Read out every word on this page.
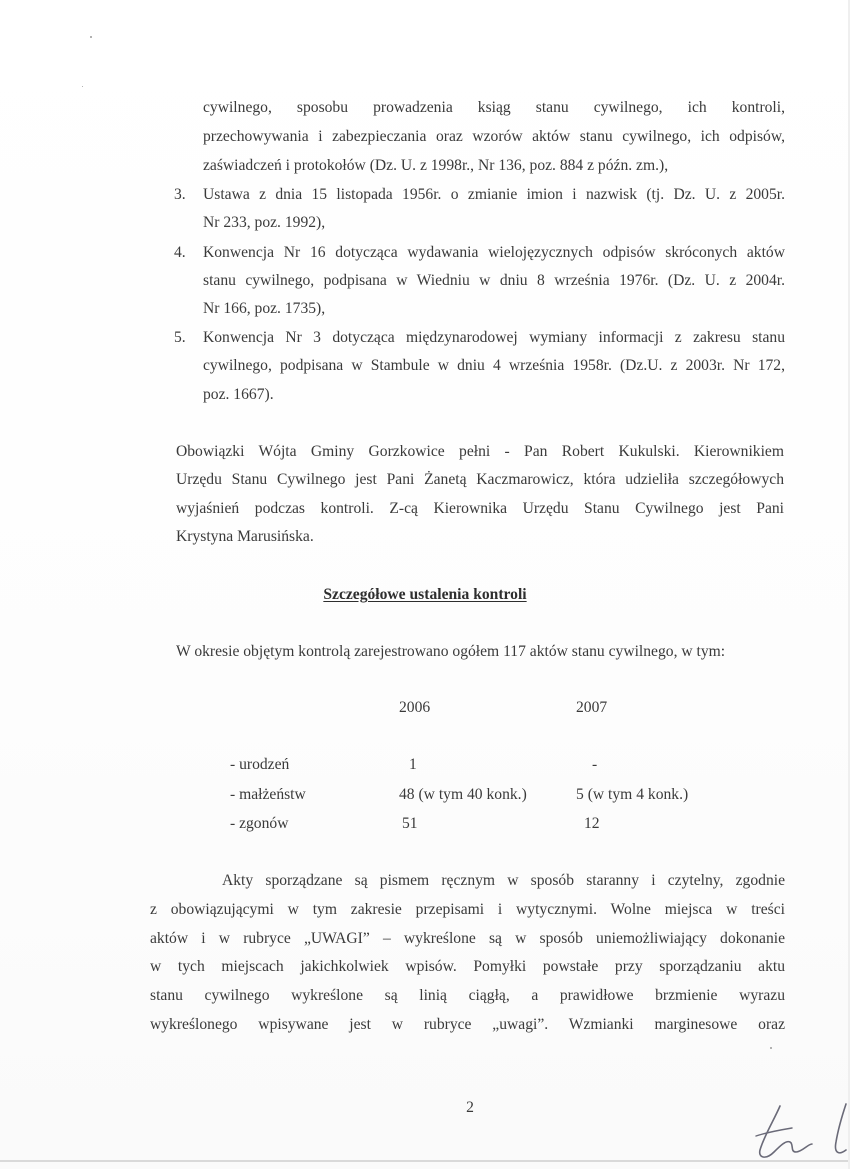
cywilnego, sposobu prowadzenia ksiąg stanu cywilnego, ich kontroli,
przechowywania i zabezpieczania oraz wzorów aktów stanu cywilnego, ich odpisów,
zaświadczeń i protokołów (Dz. U. z 1998r., Nr 136, poz. 884 z późn. zm.),
3. Ustawa z dnia 15 listopada 1956r. o zmianie imion i nazwisk (tj. Dz. U. z 2005r.
Nr 233, poz. 1992),
4. Konwencja Nr 16 dotycząca wydawania wielojęzycznych odpisów skróconych aktów
stanu cywilnego, podpisana w Wiedniu w dniu 8 września 1976r. (Dz. U. z 2004r.
Nr 166, poz. 1735),
5. Konwencja Nr 3 dotycząca międzynarodowej wymiany informacji z zakresu stanu
cywilnego, podpisana w Stambule w dniu 4 września 1958r. (Dz.U. z 2003r. Nr 172,
poz. 1667).
Obowiązki Wójta Gminy Gorzkowice pełni - Pan Robert Kukulski. Kierownikiem
Urzędu Stanu Cywilnego jest Pani Żanetą Kaczmarowicz, która udzieliła szczegółowych
wyjaśnień podczas kontroli. Z-cą Kierownika Urzędu Stanu Cywilnego jest Pani
Krystyna Marusińska.
Szczegółowe ustalenia kontroli
W okresie objętym kontrolą zarejestrowano ogółem 117 aktów stanu cywilnego, w tym:
2006	2007
- urodzeń	1	-
- małżeństw	48 (w tym 40 konk.)	5 (w tym 4 konk.)
- zgonów	51	12
Akty sporządzane są pismem ręcznym w sposób staranny i czytelny, zgodnie
z obowiązującymi w tym zakresie przepisami i wytycznymi. Wolne miejsca w treści
aktów i w rubryce „UWAGI” – wykreślone są w sposób uniemożliwiający dokonanie
w tych miejscach jakichkolwiek wpisów. Pomyłki powstałe przy sporządzaniu aktu
stanu cywilnego wykreślone są linią ciągłą, a prawidłowe brzmienie wyrazu
wykreślonego wpisywane jest w rubryce „uwagi”. Wzmianki marginesowe oraz
2
